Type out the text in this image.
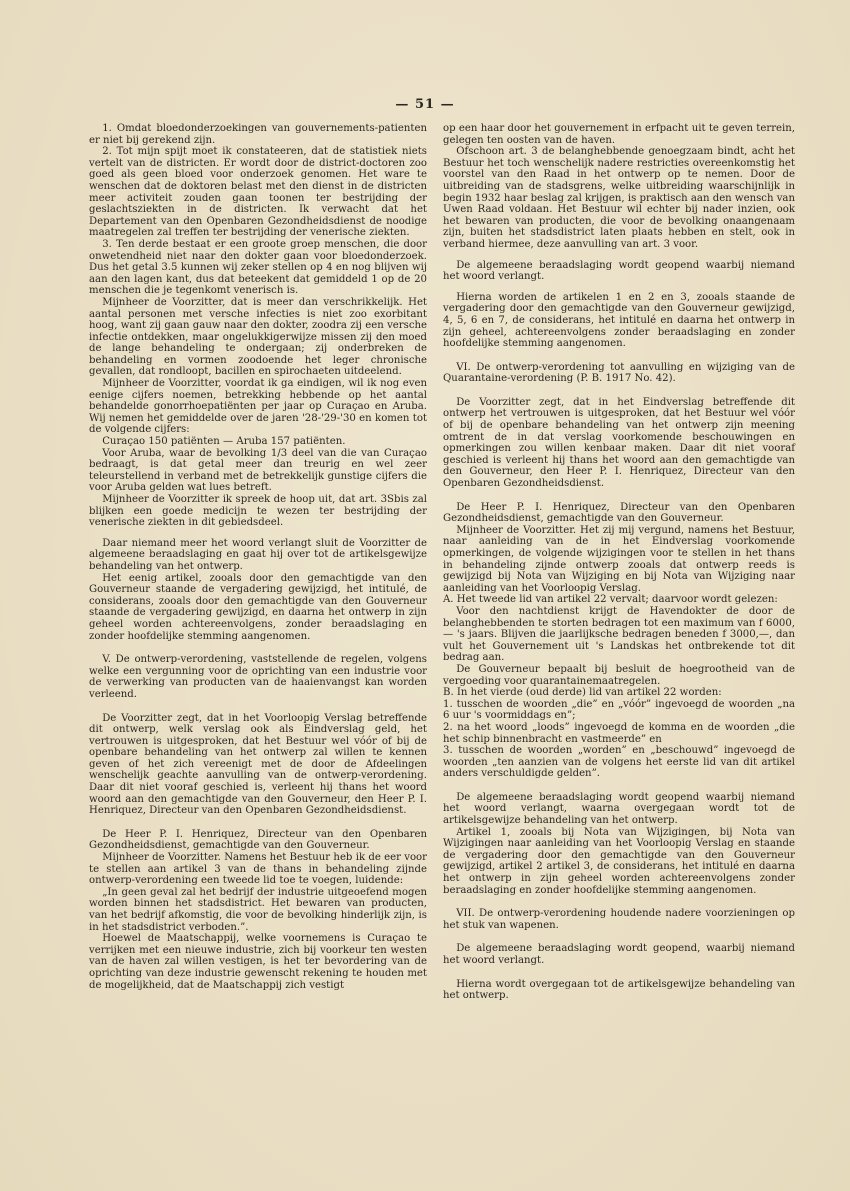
— 51 —

1. Omdat bloedonderzoekingen van gouvernements-patienten er niet bij gerekend zijn.

2. Tot mijn spijt moet ik constateeren, dat de statistiek niets vertelt van de districten. Er wordt door de district-doctoren zoo goed als geen bloed voor onderzoek genomen. Het ware te wenschen dat de doktoren belast met den dienst in de districten meer activiteit zouden gaan toonen ter bestrijding der geslachtsziekten in de districten. Ik verwacht dat het Departement van den Openbaren Gezondheidsdienst de noodige maatregelen zal treffen ter bestrijding der venerische ziekten.

3. Ten derde bestaat er een groote groep menschen, die door onwetendheid niet naar den dokter gaan voor bloedonderzoek. Dus het getal 3.5 kunnen wij zeker stellen op 4 en nog blijven wij aan den lagen kant, dus dat beteekent dat gemiddeld 1 op de 20 menschen die je tegenkomt venerisch is.

Mijnheer de Voorzitter, dat is meer dan verschrikkelijk. Het aantal personen met versche infecties is niet zoo exorbitant hoog, want zij gaan gauw naar den dokter, zoodra zij een versche infectie ontdekken, maar ongelukkigerwijze missen zij den moed de lange behandeling te ondergaan; zij onderbreken de behandeling en vormen zoodoende het leger chronische gevallen, dat rondloopt, bacillen en spirochaeten uitdeelend.

Mijnheer de Voorzitter, voordat ik ga eindigen, wil ik nog even eenige cijfers noemen, betrekking hebbende op het aantal behandelde gonorrhoepatiënten per jaar op Curaçao en Aruba. Wij nemen het gemiddelde over de jaren '28-'29-'30 en komen tot de volgende cijfers:

Curaçao 150 patiënten — Aruba 157 patiënten.

Voor Aruba, waar de bevolking 1/3 deel van die van Curaçao bedraagt, is dat getal meer dan treurig en wel zeer teleurstellend in verband met de betrekkelijk gunstige cijfers die voor Aruba gelden wat lues betreft.

Mijnheer de Voorzitter ik spreek de hoop uit, dat art. 3Sbis zal blijken een goede medicijn te wezen ter bestrijding der venerische ziekten in dit gebiedsdeel.

Daar niemand meer het woord verlangt sluit de Voorzitter de algemeene beraadslaging en gaat hij over tot de artikelsgewijze behandeling van het ontwerp.

Het eenig artikel, zooals door den gemachtigde van den Gouverneur staande de vergadering gewijzigd, het intitulé, de considerans, zooals door den gemachtigde van den Gouverneur staande de vergadering gewijzigd, en daarna het ontwerp in zijn geheel worden achtereenvolgens, zonder beraadslaging en zonder hoofdelijke stemming aangenomen.

V. De ontwerp-verordening, vaststellende de regelen, volgens welke een vergunning voor de oprichting van een industrie voor de verwerking van producten van de haaienvangst kan worden verleend.

De Voorzitter zegt, dat in het Voorloopig Verslag betreffende dit ontwerp, welk verslag ook als Eindverslag geld, het vertrouwen is uitgesproken, dat het Bestuur wel vóór of bij de openbare behandeling van het ontwerp zal willen te kennen geven of het zich vereenigt met de door de Afdeelingen wenschelijk geachte aanvulling van de ontwerp-verordening. Daar dit niet vooraf geschied is, verleent hij thans het woord woord aan den gemachtigde van den Gouverneur, den Heer P. I. Henriquez, Directeur van den Openbaren Gezondheidsdienst.

De Heer P. I. Henriquez, Directeur van den Openbaren Gezondheidsdienst, gemachtigde van den Gouverneur.

Mijnheer de Voorzitter. Namens het Bestuur heb ik de eer voor te stellen aan artikel 3 van de thans in behandeling zijnde ontwerp-verordening een tweede lid toe te voegen, luidende:

„In geen geval zal het bedrijf der industrie uitgeoefend mogen worden binnen het stadsdistrict. Het bewaren van producten, van het bedrijf afkomstig, die voor de bevolking hinderlijk zijn, is in het stadsdistrict verboden.”.

Hoewel de Maatschappij, welke voornemens is Curaçao te verrijken met een nieuwe industrie, zich bij voorkeur ten westen van de haven zal willen vestigen, is het ter bevordering van de oprichting van deze industrie gewenscht rekening te houden met de mogelijkheid, dat de Maatschappij zich vestigt

op een haar door het gouvernement in erfpacht uit te geven terrein, gelegen ten oosten van de haven.

Ofschoon art. 3 de belanghebbende genoegzaam bindt, acht het Bestuur het toch wenschelijk nadere restricties overeenkomstig het voorstel van den Raad in het ontwerp op te nemen. Door de uitbreiding van de stadsgrens, welke uitbreiding waarschijnlijk in begin 1932 haar beslag zal krijgen, is praktisch aan den wensch van Uwen Raad voldaan. Het Bestuur wil echter bij nader inzien, ook het bewaren van producten, die voor de bevolking onaangenaam zijn, buiten het stadsdistrict laten plaats hebben en stelt, ook in verband hiermee, deze aanvulling van art. 3 voor.

De algemeene beraadslaging wordt geopend waarbij niemand het woord verlangt.

Hierna worden de artikelen 1 en 2 en 3, zooals staande de vergadering door den gemachtigde van den Gouverneur gewijzigd, 4, 5, 6 en 7, de considerans, het intitulé en daarna het ontwerp in zijn geheel, achtereenvolgens zonder beraadslaging en zonder hoofdelijke stemming aangenomen.

VI. De ontwerp-verordening tot aanvulling en wijziging van de Quarantaine-verordening (P. B. 1917 No. 42).

De Voorzitter zegt, dat in het Eindverslag betreffende dit ontwerp het vertrouwen is uitgesproken, dat het Bestuur wel vóór of bij de openbare behandeling van het ontwerp zijn meening omtrent de in dat verslag voorkomende beschouwingen en opmerkingen zou willen kenbaar maken. Daar dit niet vooraf geschied is verleent hij thans het woord aan den gemachtigde van den Gouverneur, den Heer P. I. Henriquez, Directeur van den Openbaren Gezondheidsdienst.

De Heer P. I. Henriquez, Directeur van den Openbaren Gezondheidsdienst, gemachtigde van den Gouverneur.

Mijnheer de Voorzitter. Het zij mij vergund, namens het Bestuur, naar aanleiding van de in het Eindverslag voorkomende opmerkingen, de volgende wijzigingen voor te stellen in het thans in behandeling zijnde ontwerp zooals dat ontwerp reeds is gewijzigd bij Nota van Wijziging en bij Nota van Wijziging naar aanleiding van het Voorloopig Verslag.

A. Het tweede lid van artikel 22 vervalt; daarvoor wordt gelezen:

Voor den nachtdienst krijgt de Havendokter de door de belanghebbenden te storten bedragen tot een maximum van f 6000,— 's jaars. Blijven die jaarlijksche bedragen beneden f 3000,—, dan vult het Gouvernement uit 's Landskas het ontbrekende tot dit bedrag aan.

De Gouverneur bepaalt bij besluit de hoegrootheid van de vergoeding voor quarantainemaatregelen.

B. In het vierde (oud derde) lid van artikel 22 worden:

1. tusschen de woorden „die” en „vóór” ingevoegd de woorden „na 6 uur 's voormiddags en”;

2. na het woord „loods” ingevoegd de komma en de woorden „die het schip binnenbracht en vastmeerde” en

3. tusschen de woorden „worden” en „beschouwd” ingevoegd de woorden „ten aanzien van de volgens het eerste lid van dit artikel anders verschuldigde gelden”.

De algemeene beraadslaging wordt geopend waarbij niemand het woord verlangt, waarna overgegaan wordt tot de artikelsgewijze behandeling van het ontwerp.

Artikel 1, zooals bij Nota van Wijzigingen, bij Nota van Wijzigingen naar aanleiding van het Voorloopig Verslag en staande de vergadering door den gemachtigde van den Gouverneur gewijzigd, artikel 2 artikel 3, de considerans, het intitulé en daarna het ontwerp in zijn geheel worden achtereenvolgens zonder beraadslaging en zonder hoofdelijke stemming aangenomen.

VII. De ontwerp-verordening houdende nadere voorzieningen op het stuk van wapenen.

De algemeene beraadslaging wordt geopend, waarbij niemand het woord verlangt.

Hierna wordt overgegaan tot de artikelsgewijze behandeling van het ontwerp.
